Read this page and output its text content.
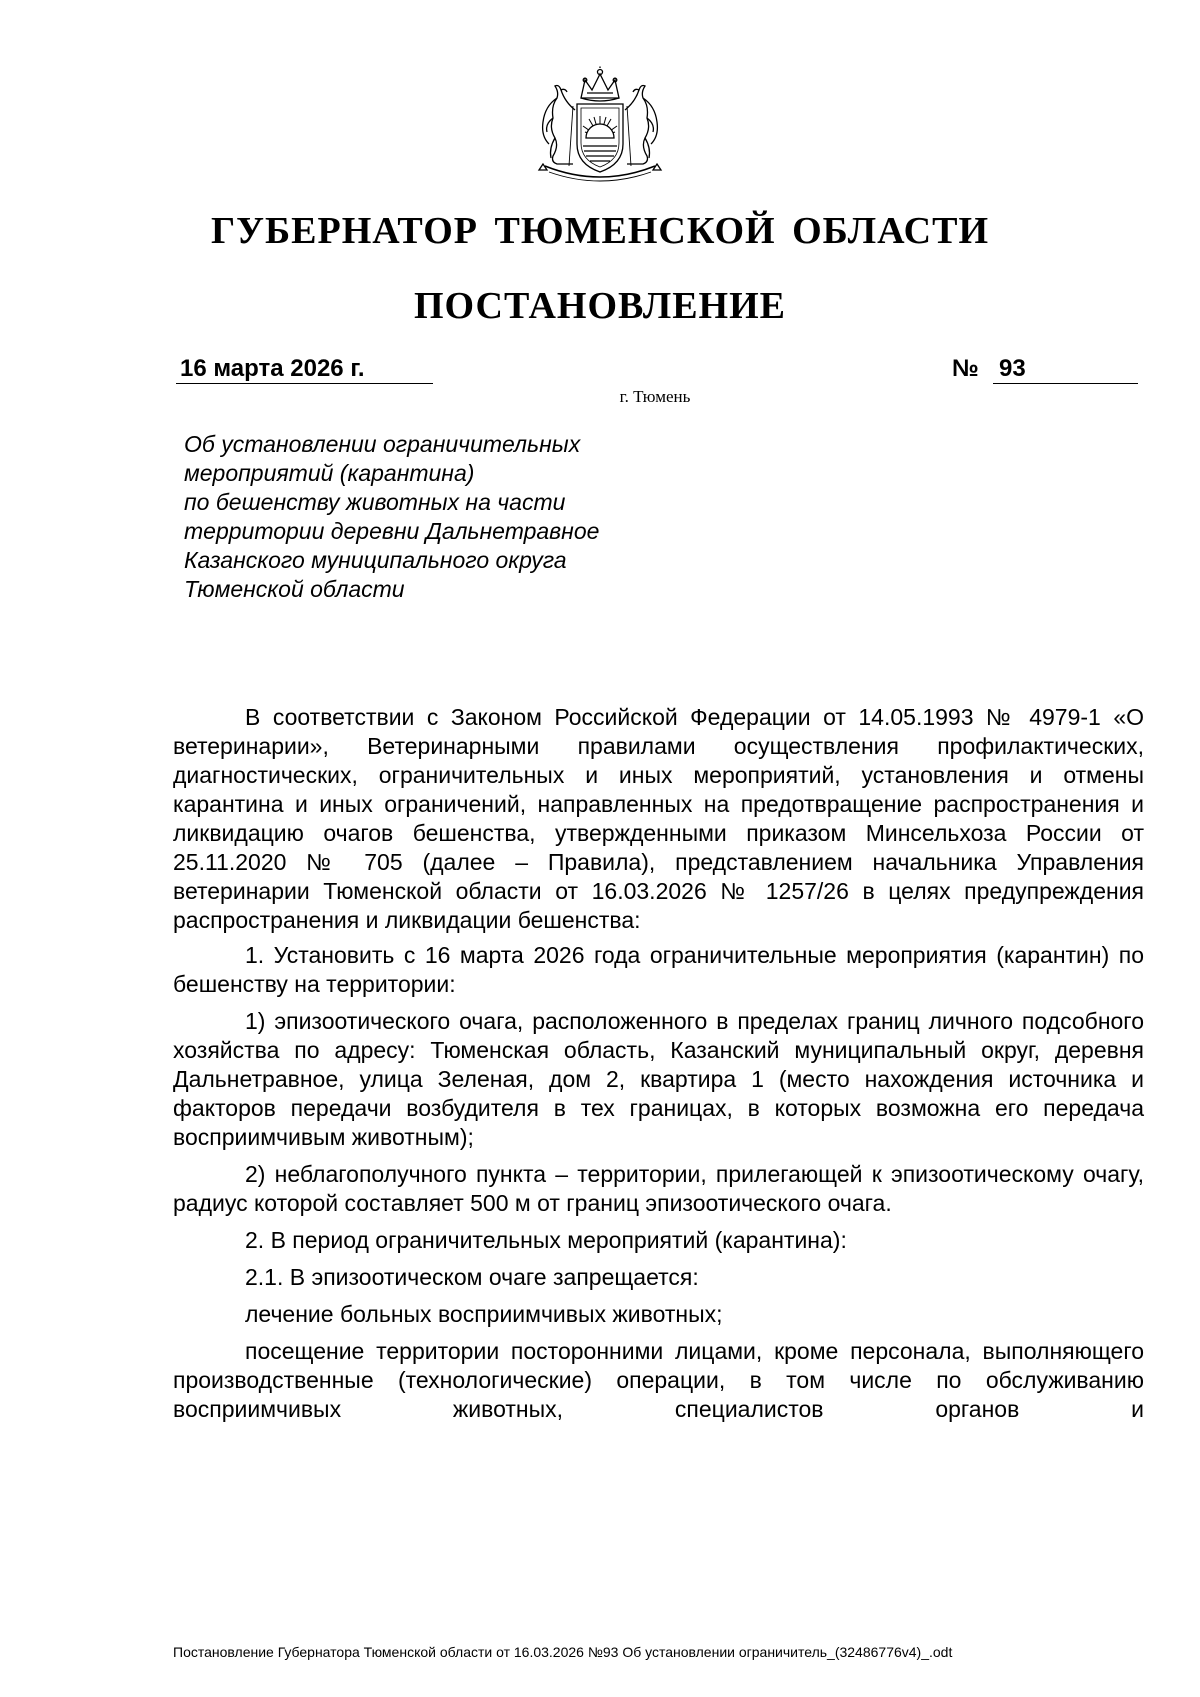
ГУБЕРНАТОР ТЮМЕНСКОЙ ОБЛАСТИ
ПОСТАНОВЛЕНИЕ
16 марта 2026 г.	№ 93
г. Тюмень
Об установлении ограничительных
мероприятий (карантина)
по бешенству животных на части
территории деревни Дальнетравное
Казанского муниципального округа
Тюменской области

В соответствии с Законом Российской Федерации от 14.05.1993 № 4979-1 «О ветеринарии», Ветеринарными правилами осуществления профилактических, диагностических, ограничительных и иных мероприятий, установления и отмены карантина и иных ограничений, направленных на предотвращение распространения и ликвидацию очагов бешенства, утвержденными приказом Минсельхоза России от 25.11.2020 № 705 (далее – Правила), представлением начальника Управления ветеринарии Тюменской области от 16.03.2026 № 1257/26 в целях предупреждения распространения и ликвидации бешенства:

1. Установить с 16 марта 2026 года ограничительные мероприятия (карантин) по бешенству на территории:

1) эпизоотического очага, расположенного в пределах границ личного подсобного хозяйства по адресу: Тюменская область, Казанский муниципальный округ, деревня Дальнетравное, улица Зеленая, дом 2, квартира 1 (место нахождения источника и факторов передачи возбудителя в тех границах, в которых возможна его передача восприимчивым животным);

2) неблагополучного пункта – территории, прилегающей к эпизоотическому очагу, радиус которой составляет 500 м от границ эпизоотического очага.

2. В период ограничительных мероприятий (карантина):

2.1. В эпизоотическом очаге запрещается:

лечение больных восприимчивых животных;

посещение территории посторонними лицами, кроме персонала, выполняющего производственные (технологические) операции, в том числе по обслуживанию восприимчивых животных, специалистов органов и

Постановление Губернатора Тюменской области от 16.03.2026 №93 Об установлении ограничитель_(32486776v4)_.odt
